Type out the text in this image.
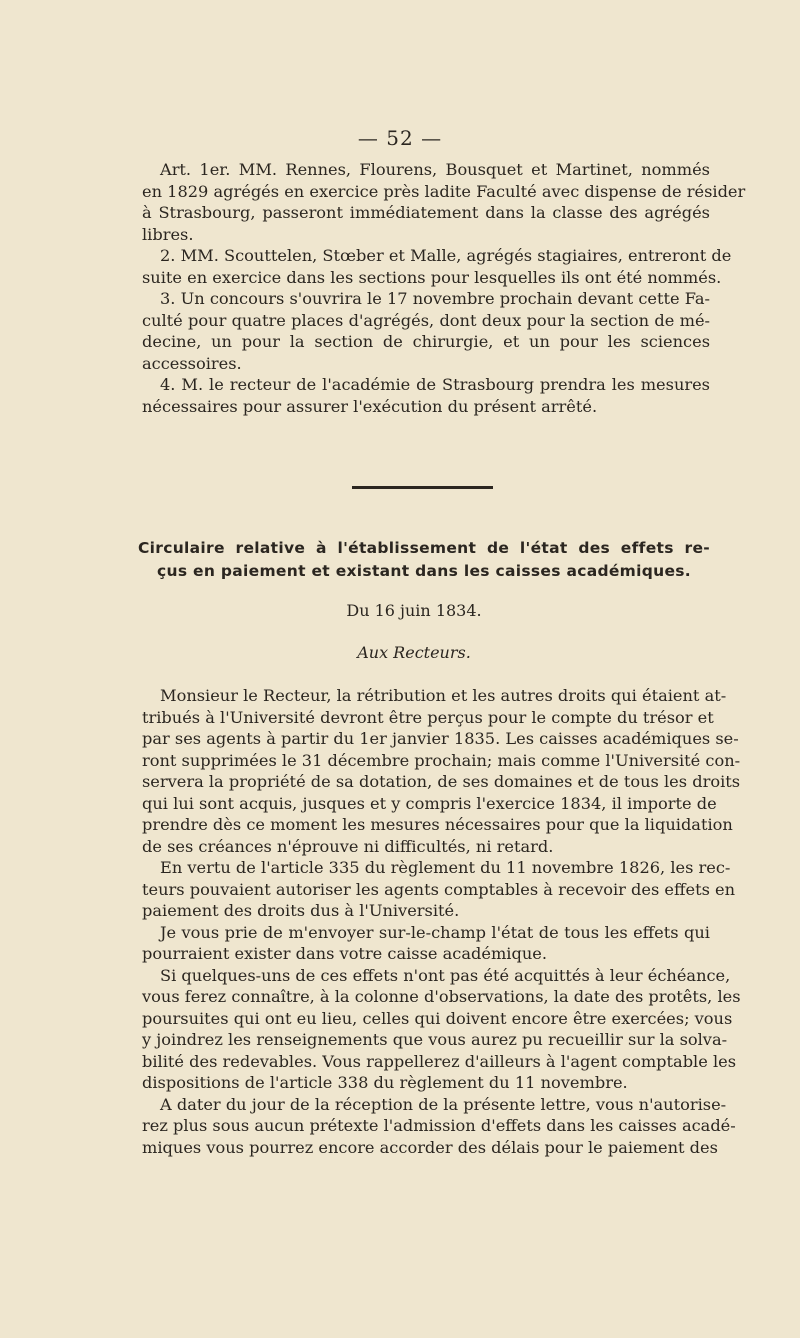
— 52 —
Art. 1er. MM. Rennes, Flourens, Bousquet et Martinet, nommés
en 1829 agrégés en exercice près ladite Faculté avec dispense de résider
à Strasbourg, passeront immédiatement dans la classe des agrégés
libres.
2. MM. Scouttelen, Stœber et Malle, agrégés stagiaires, entreront de
suite en exercice dans les sections pour lesquelles ils ont été nommés.
3. Un concours s'ouvrira le 17 novembre prochain devant cette Fa-
culté pour quatre places d'agrégés, dont deux pour la section de mé-
decine, un pour la section de chirurgie, et un pour les sciences
accessoires.
4. M. le recteur de l'académie de Strasbourg prendra les mesures
nécessaires pour assurer l'exécution du présent arrêté.
Circulaire relative à l'établissement de l'état des effets re-
çus en paiement et existant dans les caisses académiques.
Du 16 juin 1834.
Aux Recteurs.
Monsieur le Recteur, la rétribution et les autres droits qui étaient at-
tribués à l'Université devront être perçus pour le compte du trésor et
par ses agents à partir du 1er janvier 1835. Les caisses académiques se-
ront supprimées le 31 décembre prochain; mais comme l'Université con-
servera la propriété de sa dotation, de ses domaines et de tous les droits
qui lui sont acquis, jusques et y compris l'exercice 1834, il importe de
prendre dès ce moment les mesures nécessaires pour que la liquidation
de ses créances n'éprouve ni difficultés, ni retard.
En vertu de l'article 335 du règlement du 11 novembre 1826, les rec-
teurs pouvaient autoriser les agents comptables à recevoir des effets en
paiement des droits dus à l'Université.
Je vous prie de m'envoyer sur-le-champ l'état de tous les effets qui
pourraient exister dans votre caisse académique.
Si quelques-uns de ces effets n'ont pas été acquittés à leur échéance,
vous ferez connaître, à la colonne d'observations, la date des protêts, les
poursuites qui ont eu lieu, celles qui doivent encore être exercées; vous
y joindrez les renseignements que vous aurez pu recueillir sur la solva-
bilité des redevables. Vous rappellerez d'ailleurs à l'agent comptable les
dispositions de l'article 338 du règlement du 11 novembre.
A dater du jour de la réception de la présente lettre, vous n'autorise-
rez plus sous aucun prétexte l'admission d'effets dans les caisses acadé-
miques vous pourrez encore accorder des délais pour le paiement des
